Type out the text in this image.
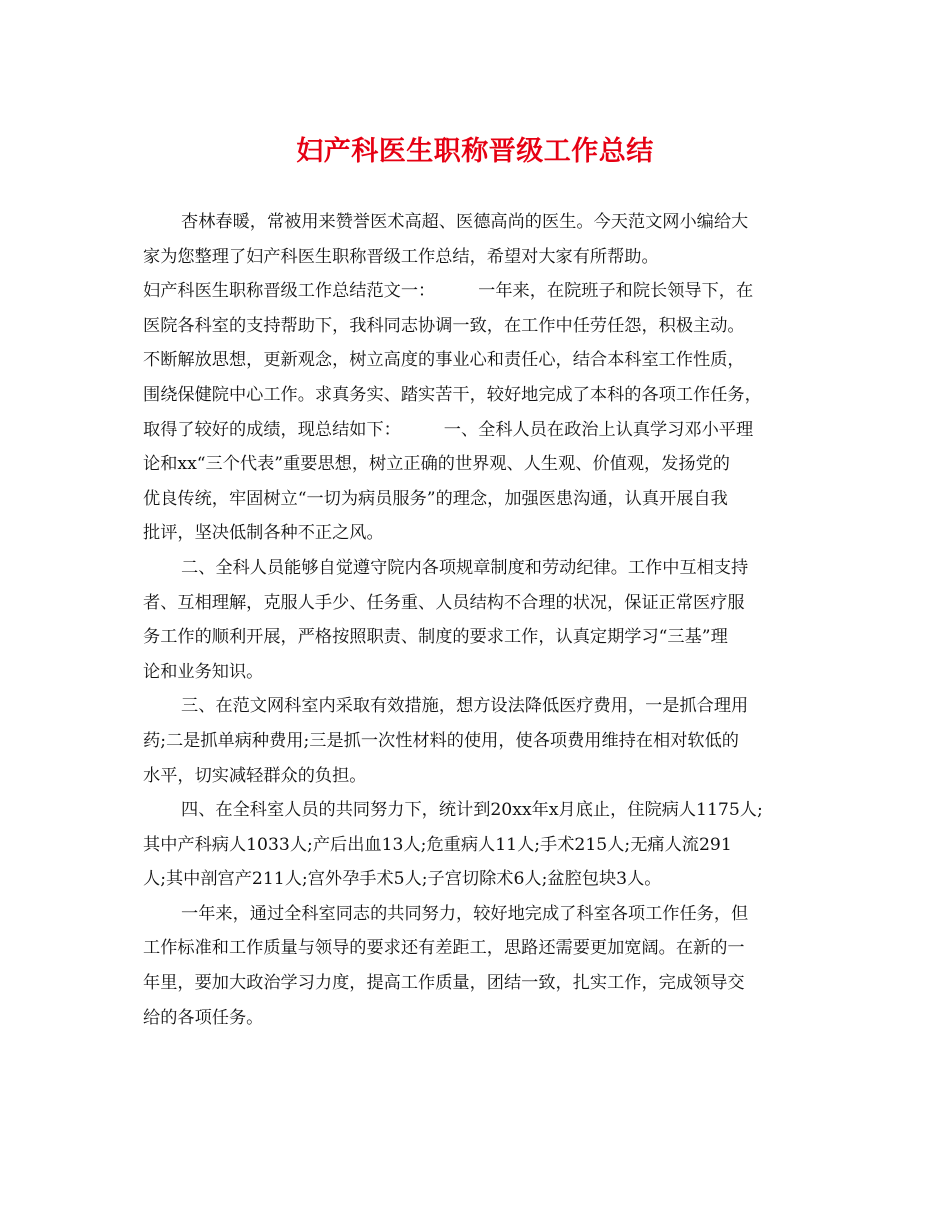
妇产科医生职称晋级工作总结
杏林春暖，常被用来赞誉医术高超、医德高尚的医生。今天范文网小编给大
家为您整理了妇产科医生职称晋级工作总结，希望对大家有所帮助。
妇产科医生职称晋级工作总结范文一：　　　一年来，在院班子和院长领导下，在
医院各科室的支持帮助下，我科同志协调一致，在工作中任劳任怨，积极主动。
不断解放思想，更新观念，树立高度的事业心和责任心，结合本科室工作性质，
围绕保健院中心工作。求真务实、踏实苦干，较好地完成了本科的各项工作任务，
取得了较好的成绩，现总结如下：　　　一、全科人员在政治上认真学习邓小平理
论和xx“三个代表”重要思想，树立正确的世界观、人生观、价值观，发扬党的
优良传统，牢固树立“一切为病员服务”的理念，加强医患沟通，认真开展自我
批评，坚决低制各种不正之风。
二、全科人员能够自觉遵守院内各项规章制度和劳动纪律。工作中互相支持
者、互相理解，克服人手少、任务重、人员结构不合理的状况，保证正常医疗服
务工作的顺利开展，严格按照职责、制度的要求工作，认真定期学习“三基”理
论和业务知识。
三、在范文网科室内采取有效措施，想方设法降低医疗费用，一是抓合理用
药;二是抓单病种费用;三是抓一次性材料的使用，使各项费用维持在相对软低的
水平，切实减轻群众的负担。
四、在全科室人员的共同努力下，统计到20xx年x月底止，住院病人1175人;
其中产科病人1033人;产后出血13人;危重病人11人;手术215人;无痛人流291
人;其中剖宫产211人;宫外孕手术5人;子宫切除术6人;盆腔包块3人。
一年来，通过全科室同志的共同努力，较好地完成了科室各项工作任务，但
工作标准和工作质量与领导的要求还有差距工，思路还需要更加宽阔。在新的一
年里，要加大政治学习力度，提高工作质量，团结一致，扎实工作，完成领导交
给的各项任务。
